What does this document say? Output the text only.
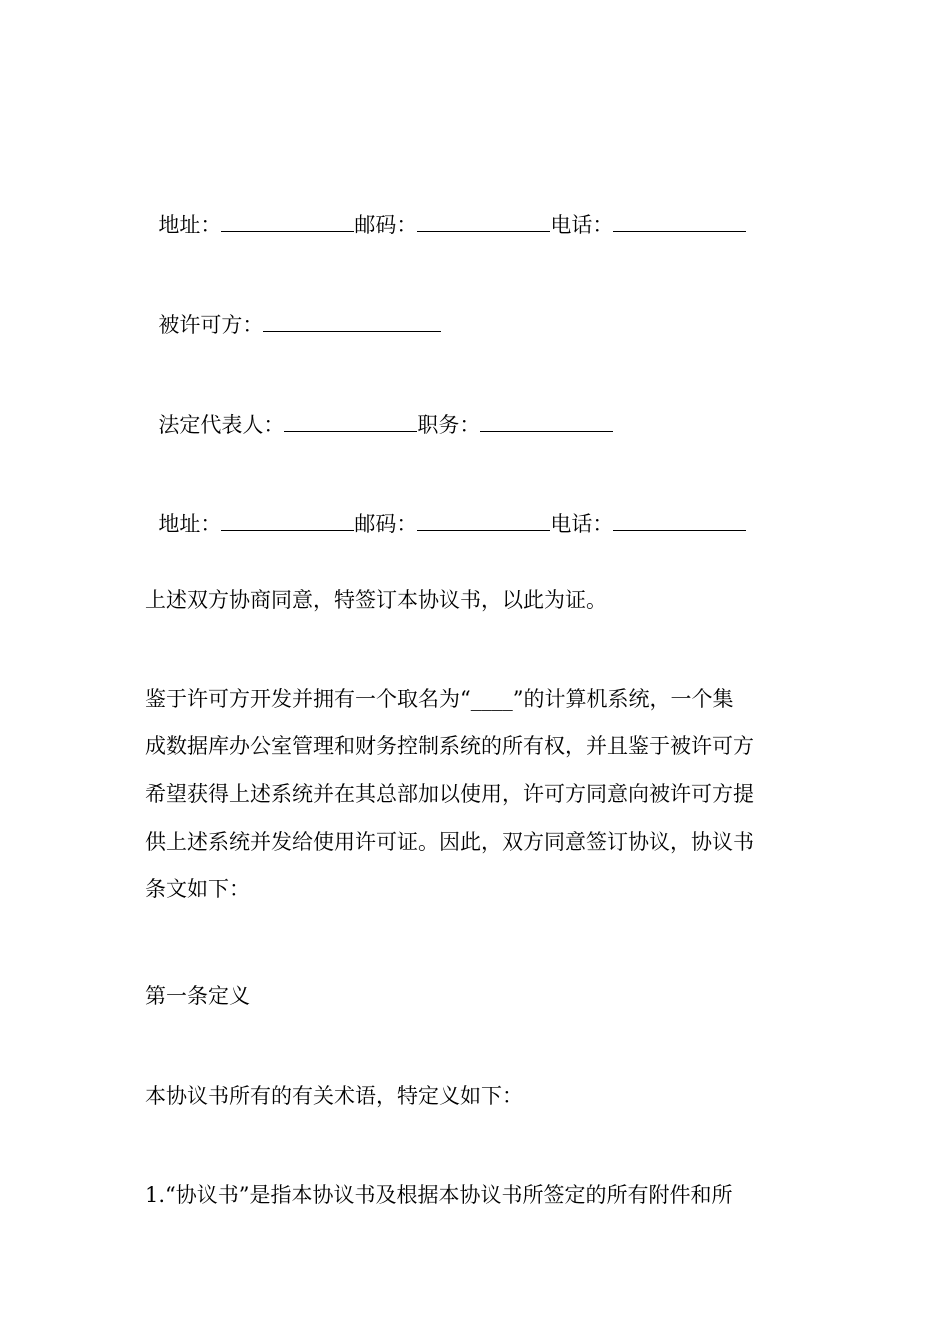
地址：	邮码：	电话：

被许可方：

法定代表人：	职务：

地址：	邮码：	电话：

上述双方协商同意，特签订本协议书，以此为证。
鉴于许可方开发并拥有一个取名为“____”的计算机系统，一个集
成数据库办公室管理和财务控制系统的所有权，并且鉴于被许可方
希望获得上述系统并在其总部加以使用，许可方同意向被许可方提
供上述系统并发给使用许可证。因此，双方同意签订协议，协议书
条文如下：
第一条定义
本协议书所有的有关术语，特定义如下：
1.“协议书”是指本协议书及根据本协议书所签定的所有附件和所
